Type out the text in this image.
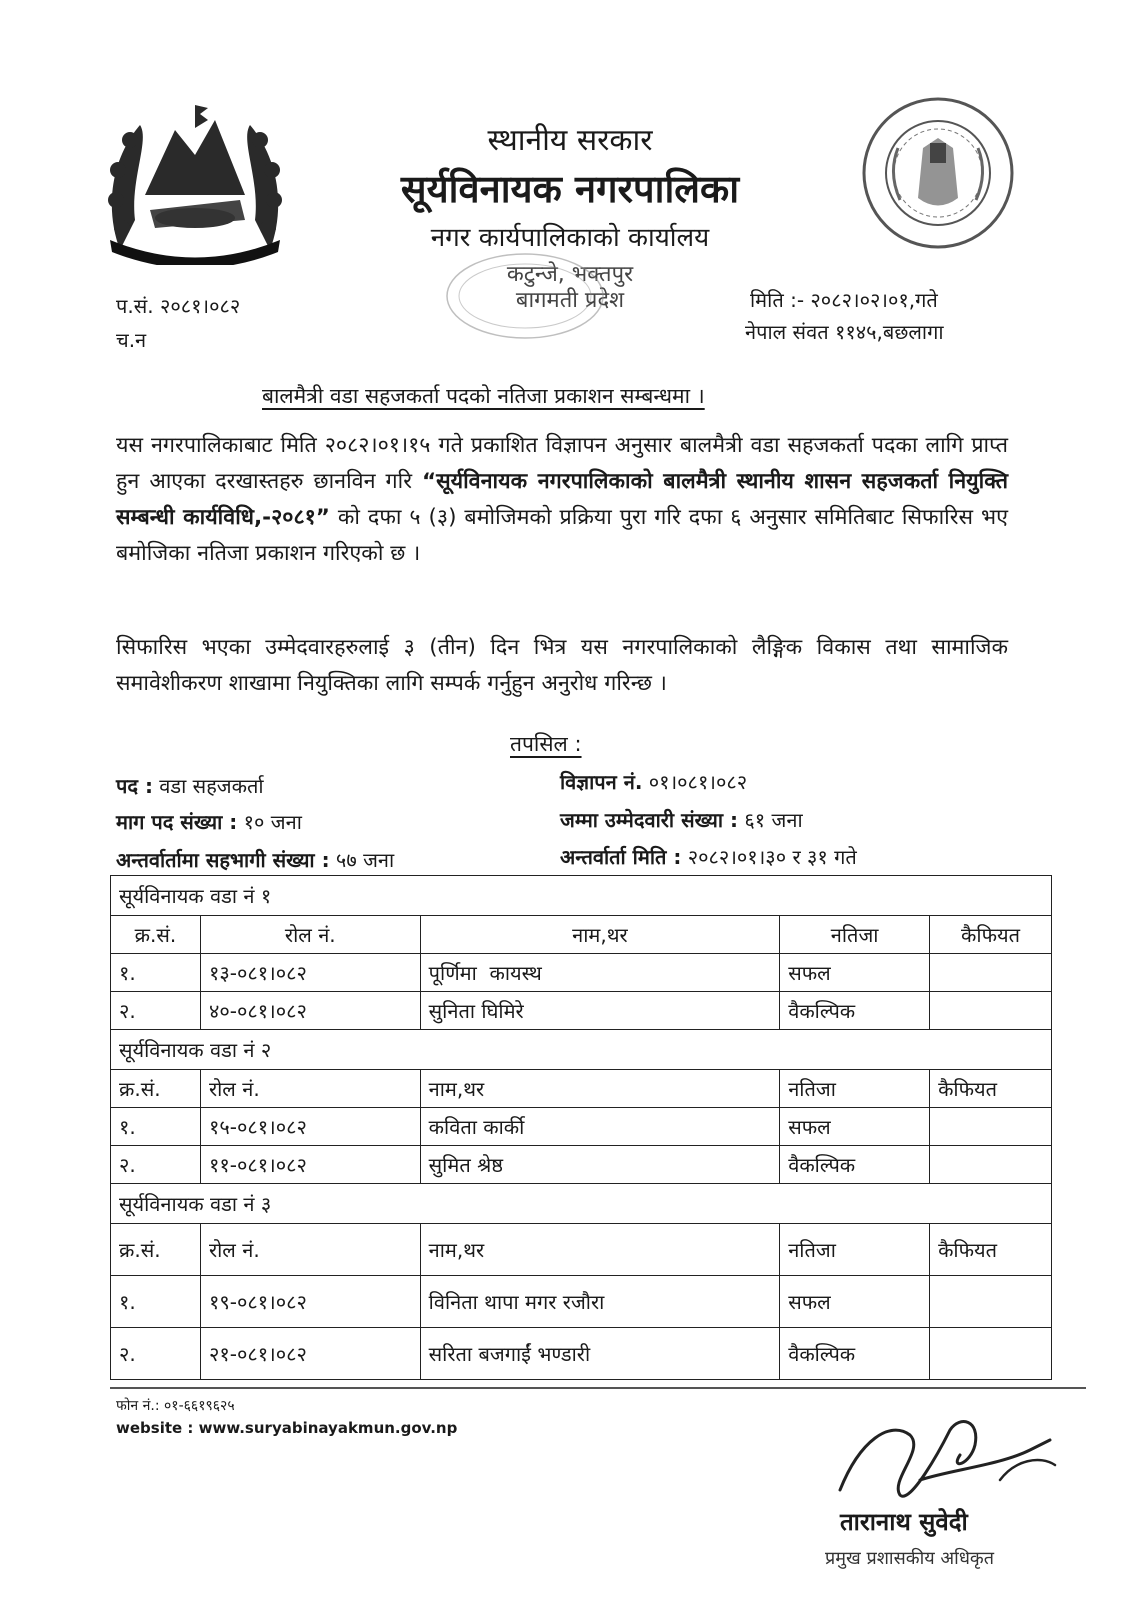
स्थानीय सरकार
सूर्यविनायक नगरपालिका
नगर कार्यपालिकाको कार्यालय
कटुन्जे, भक्तपुर
बागमती प्रदेश
प.सं. २०८१।०८२
च.न
मिति :- २०८२।०२।०१,गते
नेपाल संवत ११४५,बछलागा
बालमैत्री वडा सहजकर्ता पदको नतिजा प्रकाशन सम्बन्धमा ।
यस नगरपालिकाबाट मिति २०८२।०१।१५ गते प्रकाशित विज्ञापन अनुसार बालमैत्री वडा सहजकर्ता पदका लागि प्राप्त हुन आएका दरखास्तहरु छानविन गरि “सूर्यविनायक नगरपालिकाको बालमैत्री स्थानीय शासन सहजकर्ता नियुक्ति सम्बन्धी कार्यविधि,-२०८१” को दफा ५ (३) बमोजिमको प्रक्रिया पुरा गरि दफा ६ अनुसार समितिबाट सिफारिस भए बमोजिका नतिजा प्रकाशन गरिएको छ ।
सिफारिस भएका उम्मेदवारहरुलाई ३ (तीन) दिन भित्र यस नगरपालिकाको लैङ्गिक विकास तथा सामाजिक समावेशीकरण शाखामा नियुक्तिका लागि सम्पर्क गर्नुहुन अनुरोध गरिन्छ ।
तपसिल :
पद : वडा सहजकर्ता
माग पद संख्या : १० जना
अन्तर्वार्तामा सहभागी संख्या : ५७ जना
विज्ञापन नं. ०१।०८१।०८२
जम्मा उम्मेदवारी संख्या : ६१ जना
अन्तर्वार्ता मिति : २०८२।०१।३० र ३१ गते
सूर्यविनायक वडा नं १				
क्र.सं.	रोल नं.	नाम,थर	नतिजा	कैफियत
१.	१३-०८१।०८२	पूर्णिमा  कायस्थ	सफल	
२.	४०-०८१।०८२	सुनिता घिमिरे	वैकल्पिक	
सूर्यविनायक वडा नं २				
क्र.सं.	रोल नं.	नाम,थर	नतिजा	कैफियत
१.	१५-०८१।०८२	कविता कार्की	सफल	
२.	११-०८१।०८२	सुमित श्रेष्ठ	वैकल्पिक	
सूर्यविनायक वडा नं ३				
क्र.सं.	रोल नं.	नाम,थर	नतिजा	कैफियत
१.	१९-०८१।०८२	विनिता थापा मगर रजौरा	सफल	
२.	२१-०८१।०८२	सरिता बजगाईं भण्डारी	वैकल्पिक	
फोन नं.: ०१-६६१९६२५
website : www.suryabinayakmun.gov.np
तारानाथ सुवेदी
प्रमुख प्रशासकीय अधिकृत
